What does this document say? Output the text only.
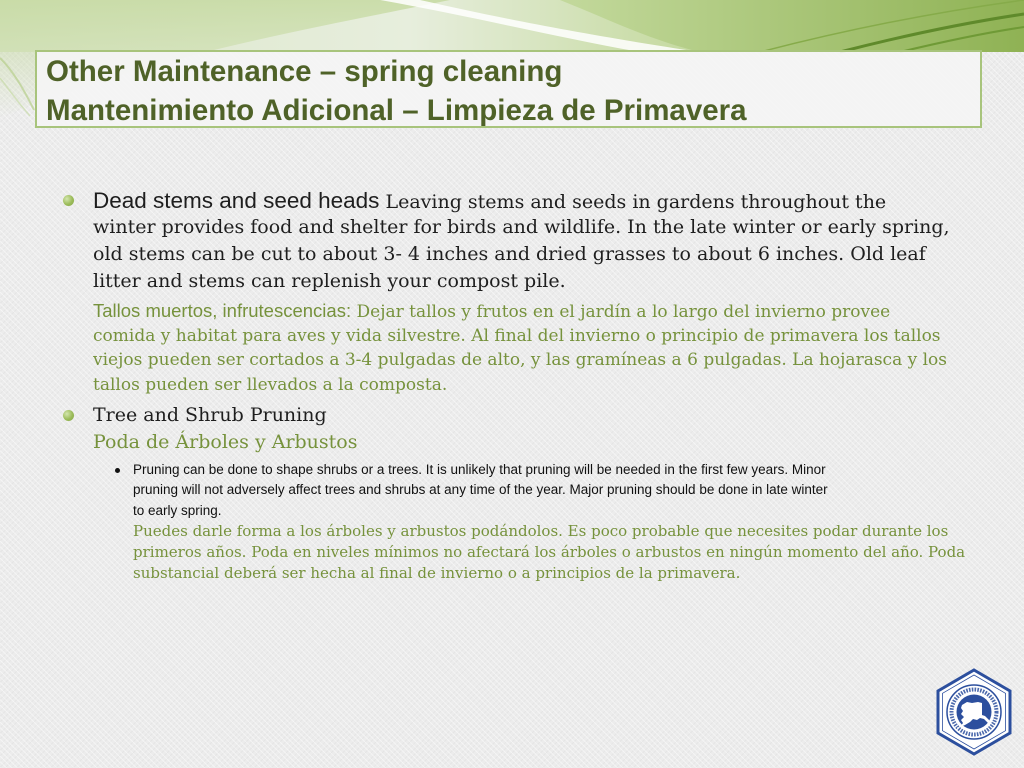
Other Maintenance – spring cleaning
Mantenimiento Adicional – Limpieza de Primavera
Dead stems and seed heads Leaving stems and seeds in gardens throughout the
winter provides food and shelter for birds and wildlife. In the late winter or early spring,
old stems can be cut to about 3- 4 inches and dried grasses to about 6 inches. Old leaf
litter and stems can replenish your compost pile.
Tallos muertos, infrutescencias: Dejar tallos y frutos en el jardín a lo largo del invierno provee
comida y habitat para aves y vida silvestre. Al final del invierno o principio de primavera los tallos
viejos pueden ser cortados a 3-4 pulgadas de alto, y las gramíneas a 6 pulgadas. La hojarasca y los
tallos pueden ser llevados a la composta.
Tree and Shrub Pruning
Poda de Árboles y Arbustos
Pruning can be done to shape shrubs or a trees. It is unlikely that pruning will be needed in the first few years. Minor
pruning will not adversely affect trees and shrubs at any time of the year. Major pruning should be done in late winter
to early spring.
Puedes darle forma a los árboles y arbustos podándolos. Es poco probable que necesites podar durante los
primeros años. Poda en niveles mínimos no afectará los árboles o arbustos en ningún momento del año. Poda
substancial deberá ser hecha al final de invierno o a principios de la primavera.
